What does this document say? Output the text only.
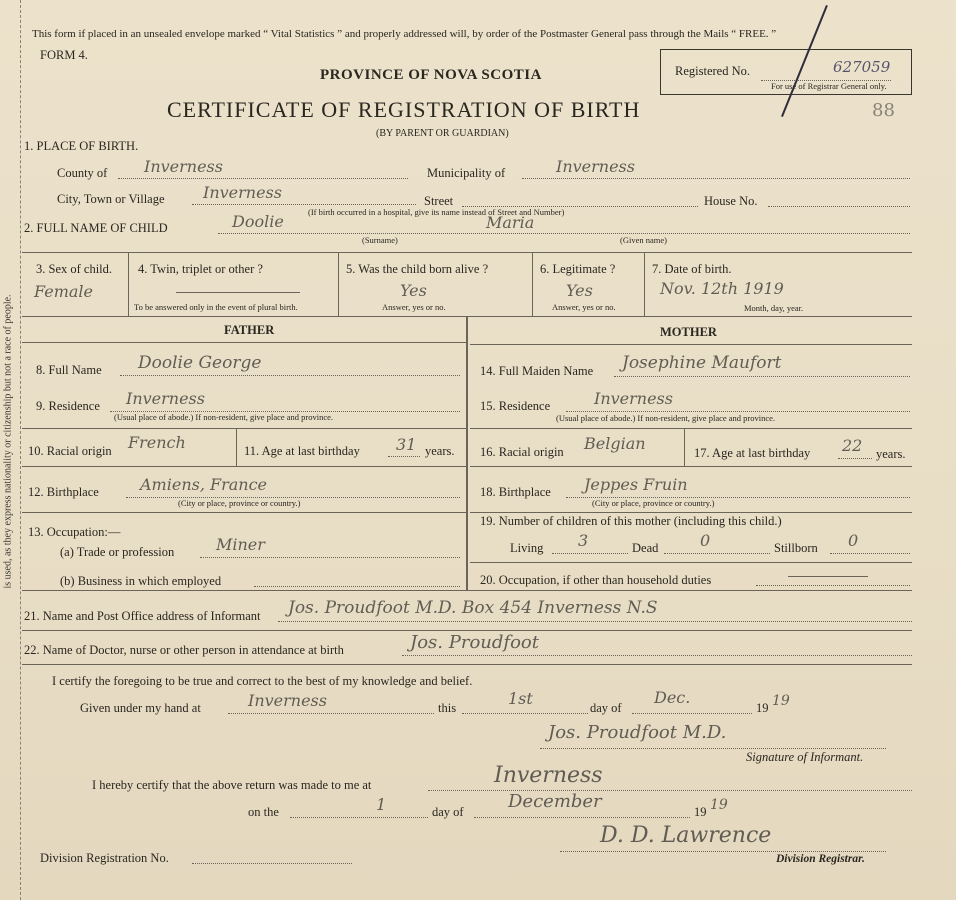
is used, as they express nationality or citizenship but not a race of people.
This form if placed in an unsealed envelope marked “ Vital Statistics ” and properly addressed will, by order of the Postmaster General pass through the Mails “ FREE. ”
FORM 4.
PROVINCE OF NOVA SCOTIA
CERTIFICATE OF REGISTRATION OF BIRTH
(BY PARENT OR GUARDIAN)
Registered No.	627059
For use of Registrar General only.
88
1. PLACE OF BIRTH.
County of Inverness	Municipality of	Inverness
City, Town or Village Inverness	Street	House No.
(If birth occurred in a hospital, give its name instead of Street and Number)
2. FULL NAME OF CHILD	Doolie	Maria
(Surname)	(Given name)
3. Sex of child.
Female
4. Twin, triplet or other ?
To be answered only in the event of plural birth.
5. Was the child born alive ?
Yes
Answer, yes or no.
6. Legitimate ?
Yes
Answer, yes or no.
7. Date of birth.
Nov. 12th 1919
Month, day, year.
FATHER	MOTHER
8. Full Name Doolie George
9. Residence Inverness
(Usual place of abode.) If non-resident, give place and province.
10. Racial origin French	11. Age at last birthday 31 years.
12. Birthplace	Amiens, France
(City or place, province or country.)
13. Occupation:—
(a) Trade or profession	Miner
(b) Business in which employed
14. Full Maiden Name Josephine Maufort
15. Residence	Inverness
(Usual place of abode.) If non-resident, give place and province.
16. Racial origin Belgian	17. Age at last birthday 22 years.
18. Birthplace Jeppes Fruin
(City or place, province or country.)
19. Number of children of this mother (including this child.)
Living 3	Dead	0	Stillborn 0
20. Occupation, if other than household duties
21. Name and Post Office address of Informant Jos. Proudfoot M.D. Box 454 Inverness N.S
22. Name of Doctor, nurse or other person in attendance at birth	Jos. Proudfoot
I certify the foregoing to be true and correct to the best of my knowledge and belief.
Given under my hand at	Inverness	this	1st	day of
Dec.
19 19
Jos. Proudfoot M.D.
Signature of Informant.
I hereby certify that the above return was made to me at	Inverness
on the	1	day of December	19 19
D. D. Lawrence
Division Registration No.	Division Registrar.
